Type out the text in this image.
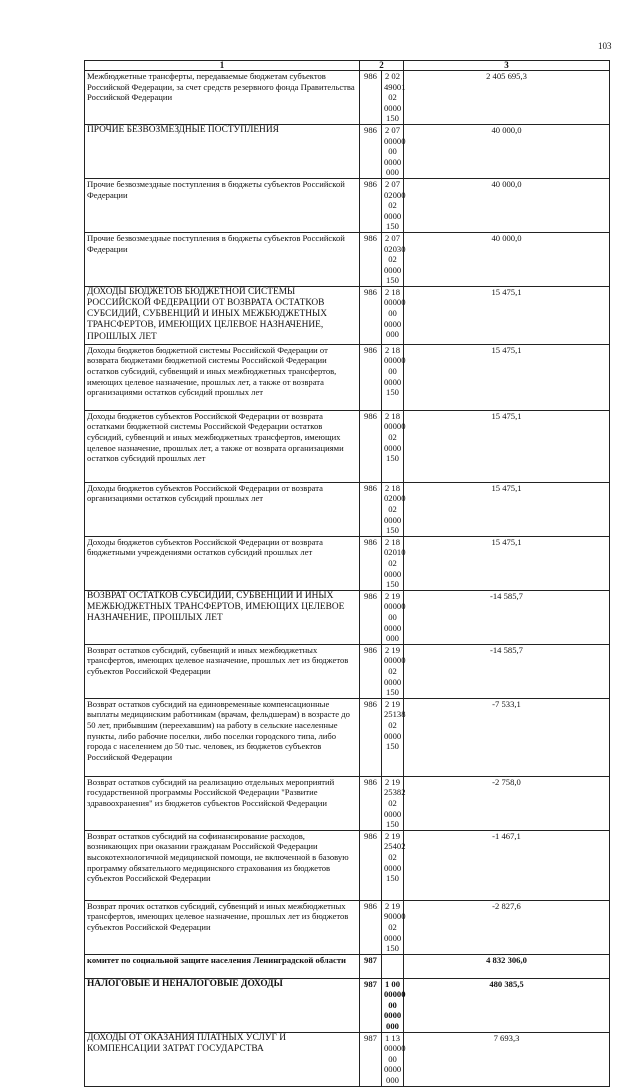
103
1	2		3
Межбюджетные трансферты, передаваемые бюджетам субъектов Российской Федерации, за счет средств резервного фонда Правительства Российской Федерации	986	2 02 49001 02 0000 150	2 405 695,3
ПРОЧИЕ БЕЗВОЗМЕЗДНЫЕ ПОСТУПЛЕНИЯ	986	2 07 00000 00 0000 000	40 000,0
Прочие безвозмездные поступления в бюджеты субъектов Российской Федерации	986	2 07 02000 02 0000 150	40 000,0
Прочие безвозмездные поступления в бюджеты субъектов Российской Федерации	986	2 07 02030 02 0000 150	40 000,0
ДОХОДЫ БЮДЖЕТОВ БЮДЖЕТНОЙ СИСТЕМЫ РОССИЙСКОЙ ФЕДЕРАЦИИ ОТ ВОЗВРАТА ОСТАТКОВ СУБСИДИЙ, СУБВЕНЦИЙ И ИНЫХ МЕЖБЮДЖЕТНЫХ ТРАНСФЕРТОВ, ИМЕЮЩИХ ЦЕЛЕВОЕ НАЗНАЧЕНИЕ, ПРОШЛЫХ ЛЕТ	986	2 18 00000 00 0000 000	15 475,1
Доходы бюджетов бюджетной системы Российской Федерации от возврата бюджетами бюджетной системы Российской Федерации остатков субсидий, субвенций и иных межбюджетных трансфертов, имеющих целевое назначение, прошлых лет, а также от возврата организациями остатков субсидий прошлых лет	986	2 18 00000 00 0000 150	15 475,1
Доходы бюджетов субъектов Российской Федерации от возврата остатками бюджетной системы Российской Федерации остатков субсидий, субвенций и иных межбюджетных трансфертов, имеющих целевое назначение, прошлых лет, а также от возврата организациями остатков субсидий прошлых лет	986	2 18 00000 02 0000 150	15 475,1
Доходы бюджетов субъектов Российской Федерации от возврата организациями остатков субсидий прошлых лет	986	2 18 02000 02 0000 150	15 475,1
Доходы бюджетов субъектов Российской Федерации от возврата бюджетными учреждениями остатков субсидий прошлых лет	986	2 18 02010 02 0000 150	15 475,1
ВОЗВРАТ ОСТАТКОВ СУБСИДИЙ, СУБВЕНЦИЙ И ИНЫХ МЕЖБЮДЖЕТНЫХ ТРАНСФЕРТОВ, ИМЕЮЩИХ ЦЕЛЕВОЕ НАЗНАЧЕНИЕ, ПРОШЛЫХ ЛЕТ	986	2 19 00000 00 0000 000	-14 585,7
Возврат остатков субсидий, субвенций и иных межбюджетных трансфертов, имеющих целевое назначение, прошлых лет из бюджетов субъектов Российской Федерации	986	2 19 00000 02 0000 150	-14 585,7
Возврат остатков субсидий на единовременные компенсационные выплаты медицинским работникам (врачам, фельдшерам) в возрасте до 50 лет, прибывшим (переехавшим) на работу в сельские населенные пункты, либо рабочие поселки, либо поселки городского типа, либо города с населением до 50 тыс. человек, из бюджетов субъектов Российской Федерации	986	2 19 25138 02 0000 150	-7 533,1
Возврат остатков субсидий на реализацию отдельных мероприятий государственной программы Российской Федерации "Развитие здравоохранения" из бюджетов субъектов Российской Федерации	986	2 19 25382 02 0000 150	-2 758,0
Возврат остатков субсидий на софинансирование расходов, возникающих при оказании гражданам Российской Федерации высокотехнологичной медицинской помощи, не включенной в базовую программу обязательного медицинского страхования из бюджетов субъектов Российской Федерации	986	2 19 25402 02 0000 150	-1 467,1
Возврат прочих остатков субсидий, субвенций и иных межбюджетных трансфертов, имеющих целевое назначение, прошлых лет из бюджетов субъектов Российской Федерации	986	2 19 90000 02 0000 150	-2 827,6
комитет по социальной защите населения Ленинградской области	987		4 832 306,0
НАЛОГОВЫЕ И НЕНАЛОГОВЫЕ ДОХОДЫ	987	1 00 00000 00 0000 000	480 385,5
ДОХОДЫ ОТ ОКАЗАНИЯ ПЛАТНЫХ УСЛУГ И КОМПЕНСАЦИИ ЗАТРАТ ГОСУДАРСТВА	987	1 13 00000 00 0000 000	7 693,3
